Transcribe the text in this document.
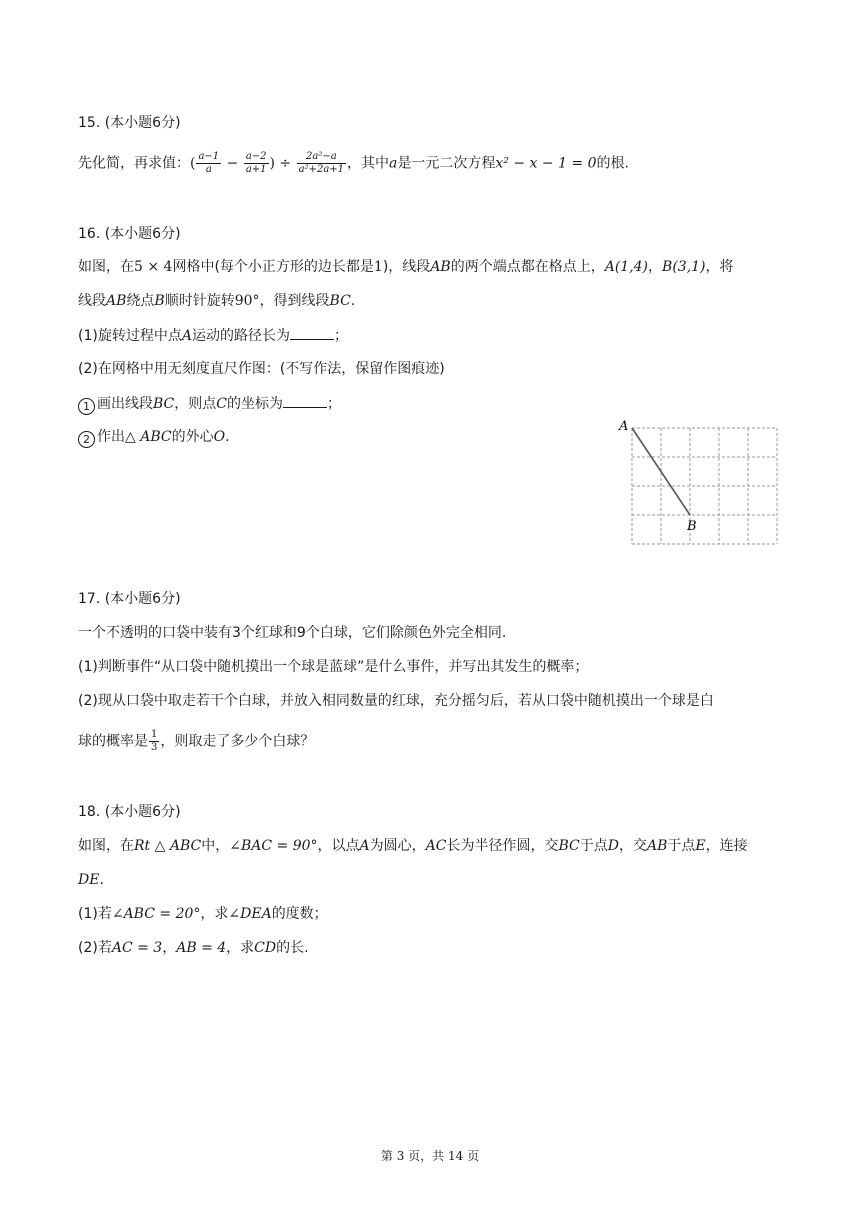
15. (本小题6分)
先化简，再求值：( $\frac{a-1}{a} - \frac{a-2}{a+1}$ ) ÷ $\frac{\text{2a²−a}}{\text{a²+2a+1}}$ ，其中a是一元二次方程x² − x − 1 = 0的根.
16. (本小题6分)
如图，在5 × 4网格中(每个小正方形的边长都是1)，线段AB的两个端点都在格点上，A(1,4)，B(3,1)，将
线段AB绕点B顺时针旋转90°，得到线段BC.
(1)旋转过程中点A运动的路径长为	；
(2)在网格中用无刻度直尺作图：(不写作法，保留作图痕迹)
1 画出线段BC，则点C的坐标为	；
2 作出△ ABC的外心O.
A
B
17. (本小题6分)
一个不透明的口袋中装有3个红球和9个白球，它们除颜色外完全相同.
(1)判断事件“从口袋中随机摸出一个球是蓝球”是什么事件，并写出其发生的概率；
(2)现从口袋中取走若干个白球，并放入相同数量的红球，充分摇匀后，若从口袋中随机摸出一个球是白
球的概率是 $\frac{1}{3}$ ，则取走了多少个白球？
18. (本小题6分)
如图，在Rt △ ABC中，∠BAC = 90°，以点A为圆心，AC长为半径作圆，交BC于点D，交AB于点E，连接
DE.
(1)若∠ABC = 20°，求∠DEA的度数；
(2)若AC = 3，AB = 4，求CD的长.
第 3 页，共 14 页
